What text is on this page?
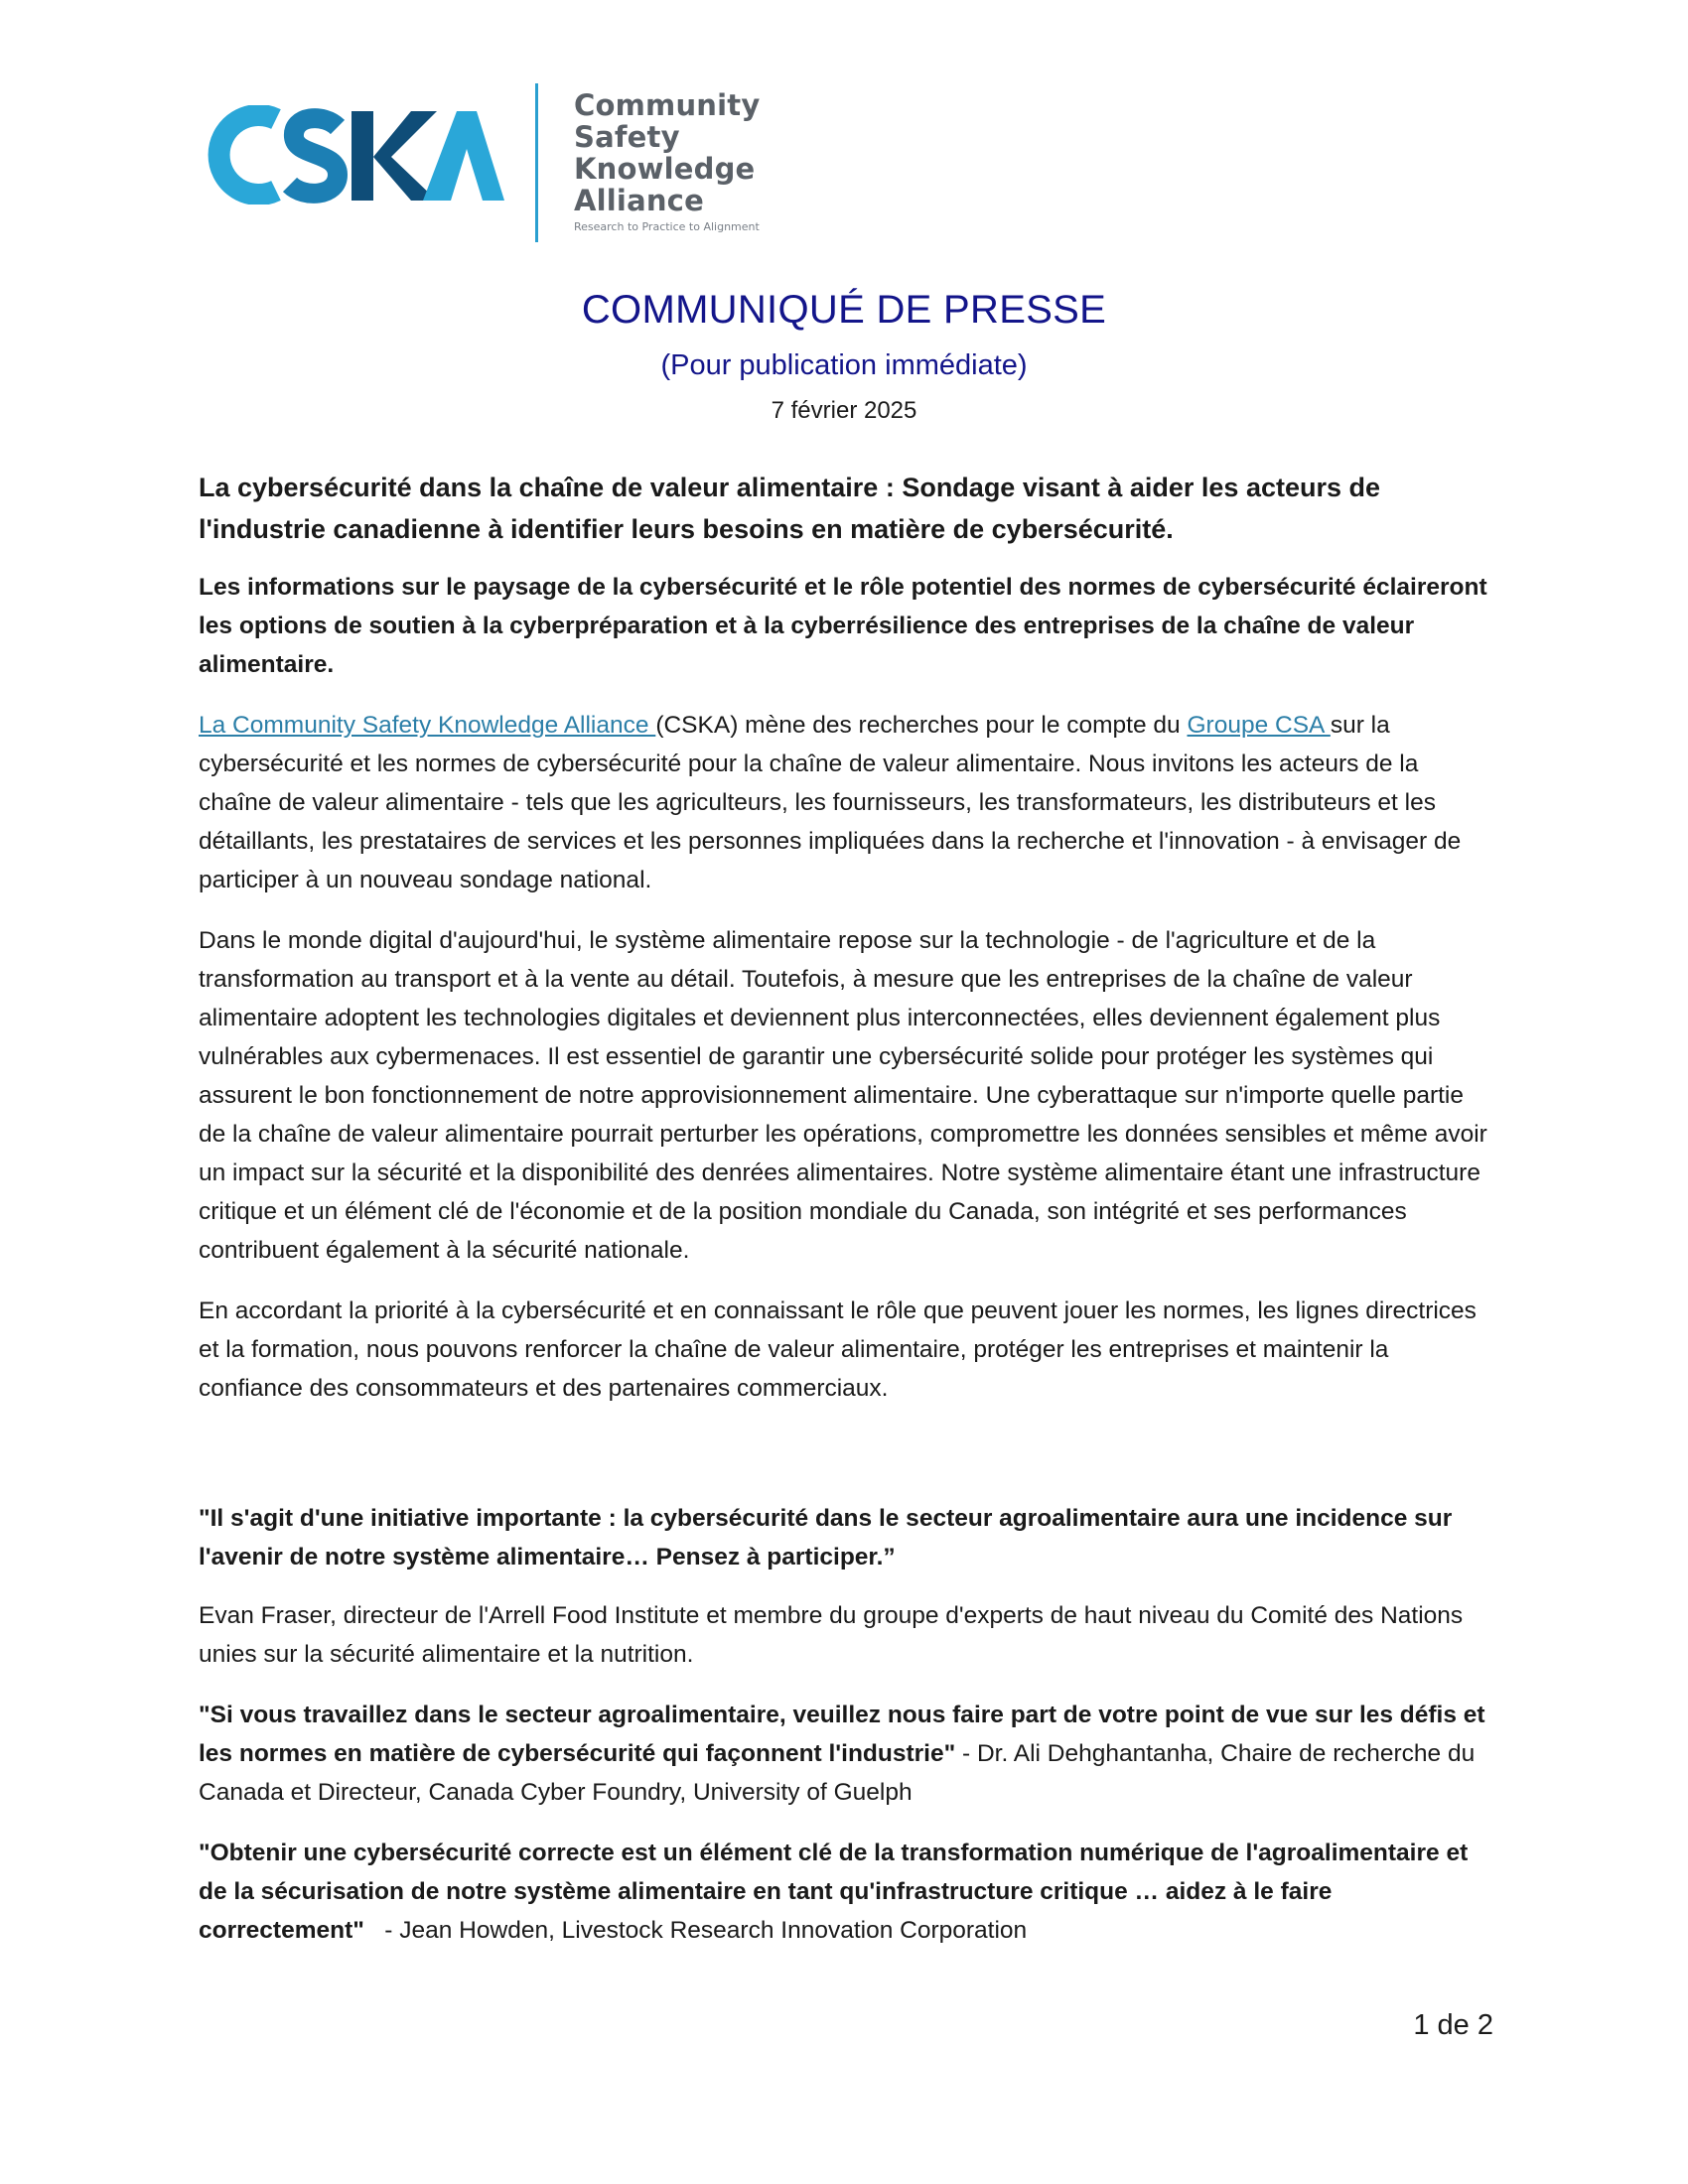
Community
Safety
Knowledge
Alliance
Research to Practice to Alignment
COMMUNIQUÉ DE PRESSE
(Pour publication immédiate)
7 février 2025

La cybersécurité dans la chaîne de valeur alimentaire : Sondage visant à aider les acteurs de l'industrie canadienne à identifier leurs besoins en matière de cybersécurité.

Les informations sur le paysage de la cybersécurité et le rôle potentiel des normes de cybersécurité éclaireront les options de soutien à la cyberpréparation et à la cyberrésilience des entreprises de la chaîne de valeur alimentaire.

La Community Safety Knowledge Alliance (CSKA) mène des recherches pour le compte du Groupe CSA sur la cybersécurité et les normes de cybersécurité pour la chaîne de valeur alimentaire. Nous invitons les acteurs de la chaîne de valeur alimentaire - tels que les agriculteurs, les fournisseurs, les transformateurs, les distributeurs et les détaillants, les prestataires de services et les personnes impliquées dans la recherche et l'innovation - à envisager de participer à un nouveau sondage national.

Dans le monde digital d'aujourd'hui, le système alimentaire repose sur la technologie - de l'agriculture et de la transformation au transport et à la vente au détail. Toutefois, à mesure que les entreprises de la chaîne de valeur alimentaire adoptent les technologies digitales et deviennent plus interconnectées, elles deviennent également plus vulnérables aux cybermenaces. Il est essentiel de garantir une cybersécurité solide pour protéger les systèmes qui assurent le bon fonctionnement de notre approvisionnement alimentaire. Une cyberattaque sur n'importe quelle partie de la chaîne de valeur alimentaire pourrait perturber les opérations, compromettre les données sensibles et même avoir un impact sur la sécurité et la disponibilité des denrées alimentaires. Notre système alimentaire étant une infrastructure critique et un élément clé de l'économie et de la position mondiale du Canada, son intégrité et ses performances contribuent également à la sécurité nationale.

En accordant la priorité à la cybersécurité et en connaissant le rôle que peuvent jouer les normes, les lignes directrices et la formation, nous pouvons renforcer la chaîne de valeur alimentaire, protéger les entreprises et maintenir la confiance des consommateurs et des partenaires commerciaux.

"Il s'agit d'une initiative importante : la cybersécurité dans le secteur agroalimentaire aura une incidence sur l'avenir de notre système alimentaire… Pensez à participer.”

Evan Fraser, directeur de l'Arrell Food Institute et membre du groupe d'experts de haut niveau du Comité des Nations unies sur la sécurité alimentaire et la nutrition.

"Si vous travaillez dans le secteur agroalimentaire, veuillez nous faire part de votre point de vue sur les défis et les normes en matière de cybersécurité qui façonnent l'industrie" - Dr. Ali Dehghantanha, Chaire de recherche du Canada et Directeur, Canada Cyber Foundry, University of Guelph

"Obtenir une cybersécurité correcte est un élément clé de la transformation numérique de l'agroalimentaire et de la sécurisation de notre système alimentaire en tant qu'infrastructure critique … aidez à le faire correctement"   - Jean Howden, Livestock Research Innovation Corporation

1 de 2
